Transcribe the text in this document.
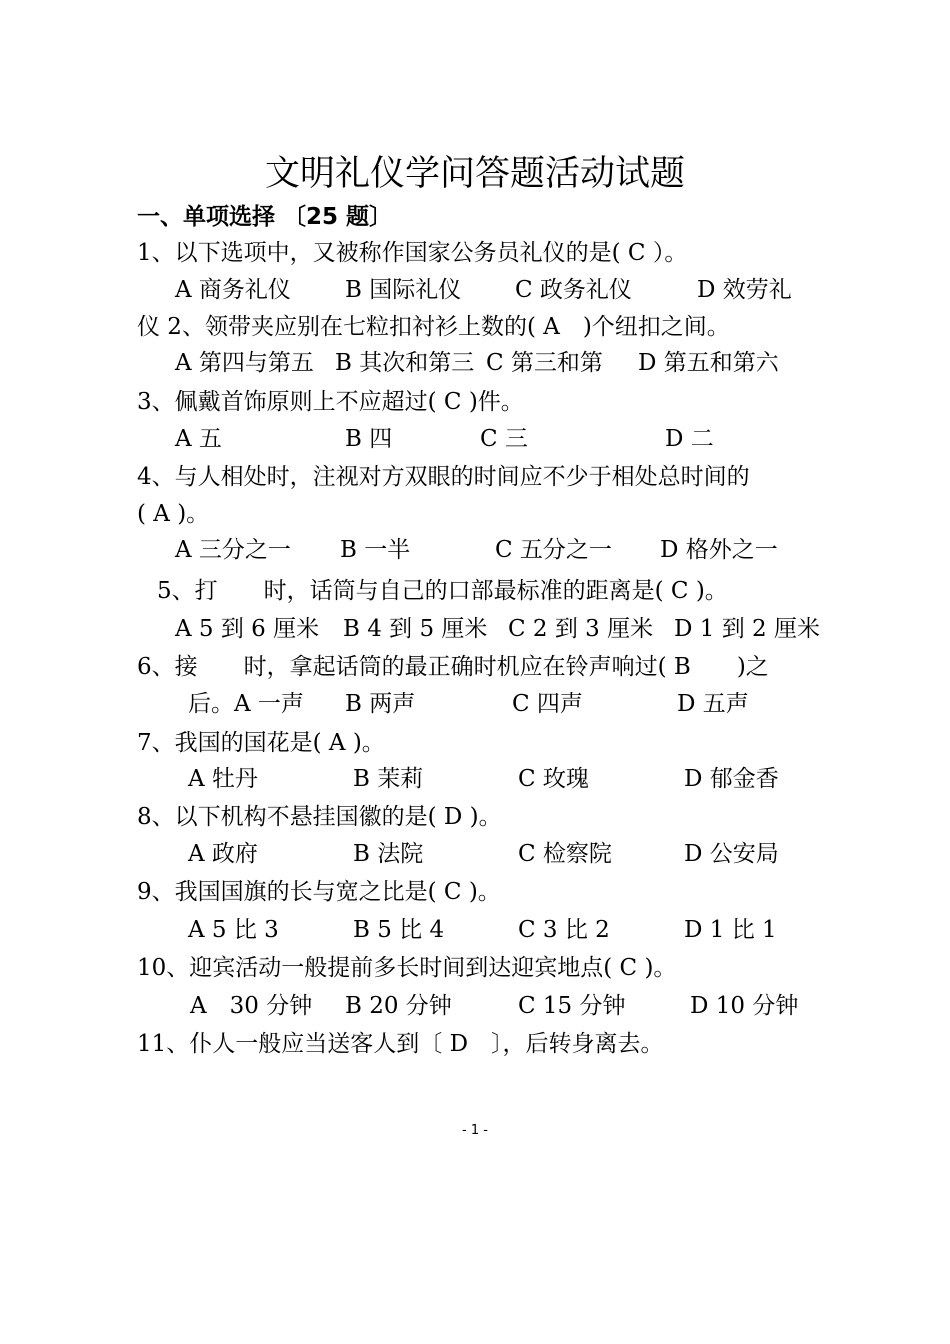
文明礼仪学问答题活动试题
一、单项选择 〔25 题〕
1、以下选项中，又被称作国家公务员礼仪的是( C ）。
A 商务礼仪 B 国际礼仪 C 政务礼仪	D 效劳礼
仪 2、领带夹应别在七粒扣衬衫上数的( A　)个纽扣之间。
A 第四与第五 B 其次和第三 C 第三和第 D 第五和第六
3、佩戴首饰原则上不应超过( C )件。
A 五	B 四	C 三	D 二
4、与人相处时，注视对方双眼的时间应不少于相处总时间的
( A )。
A 三分之一 B 一半	C 五分之一 D 格外之一
5、打　　时，话筒与自己的口部最标准的距离是( C )。
A 5 到 6 厘米 B 4 到 5 厘米 C 2 到 3 厘米 D 1 到 2 厘米
6、接　　时，拿起话筒的最正确时机应在铃声响过( B　　)之
后。A 一声 B 两声	C 四声	D 五声
7、我国的国花是( A )。
A 牡丹	B 茉莉	C 玫瑰	D 郁金香
8、以下机构不悬挂国徽的是( D )。
A 政府	B 法院	C 检察院	D 公安局
9、我国国旗的长与宽之比是( C )。
A 5 比 3	B 5 比 4	C 3 比 2	D 1 比 1
10、迎宾活动一般提前多长时间到达迎宾地点( C )。
A　30 分钟 B 20 分钟	C 15 分钟	D 10 分钟
11、仆人一般应当送客人到〔 D　〕，后转身离去。
- 1 -
